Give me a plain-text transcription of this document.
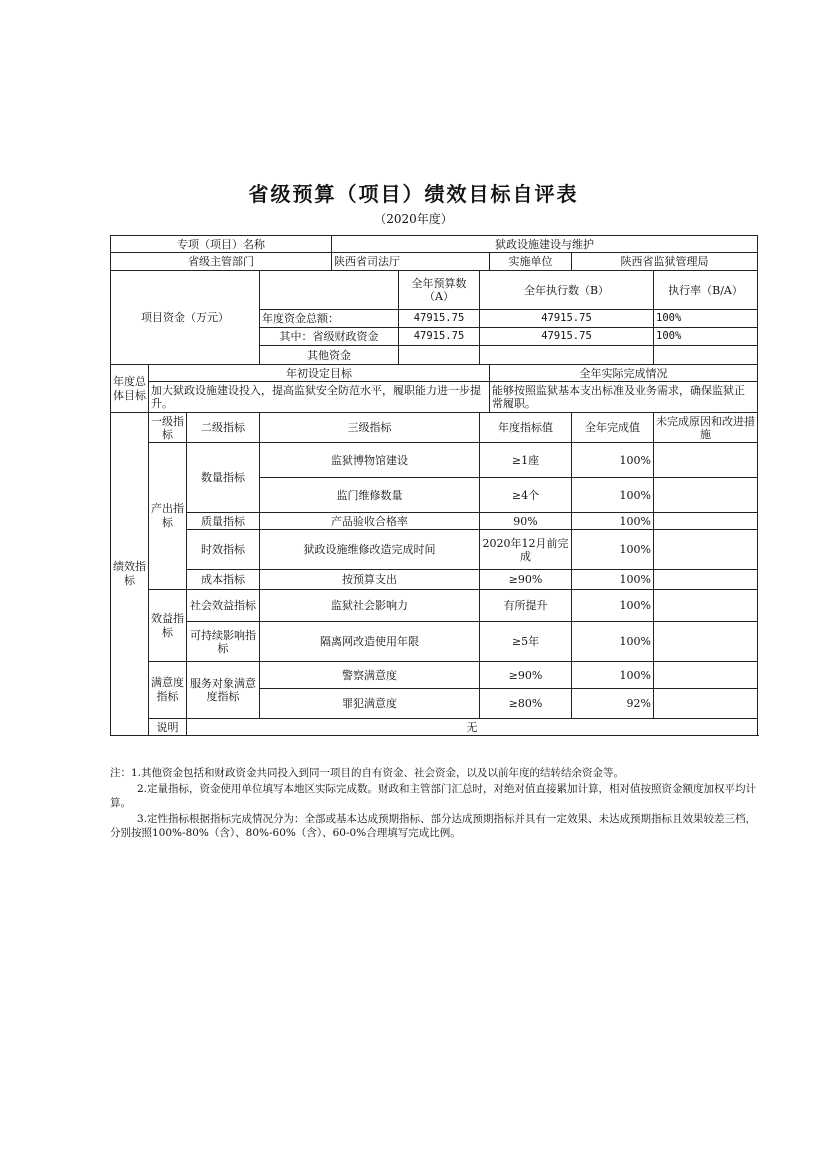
省级预算（项目）绩效目标自评表
（2020年度）
专项（项目）名称				狱政设施建设与维护					
省级主管部门				陕西省司法厅			实施单位	陕西省监狱管理局	
项目资金（万元）					全年预算数（A）	全年执行数（B）			执行率（B/A）
			年度资金总额：		47915.75	47915.75			100%
			其中：省级财政资金		47915.75	47915.75			100%
			其他资金						
年度总体目标	年初设定目标						全年实际完成情况		
	加大狱政设施建设投入，提高监狱安全防范水平，履职能力进一步提升。						能够按照监狱基本支出标准及业务需求，确保监狱正常履职。		
绩效指标	一级指标	二级指标	三级指标			年度指标值		全年完成值	未完成原因和改进措施
	产出指标	数量指标	监狱博物馆建设			≥1座		100%	
			监门维修数量			≥4个		100%	
		质量指标	产品验收合格率			90%		100%	
		时效指标	狱政设施维修改造完成时间			2020年12月前完成		100%	
		成本指标	按预算支出			≥90%		100%	
	效益指标	社会效益指标	监狱社会影响力			有所提升		100%	
		可持续影响指标	隔离网改造使用年限			≥5年		100%	
	满意度指标	服务对象满意度指标	警察满意度			≥90%		100%	
			罪犯满意度			≥80%		92%	
	说明	无							

注：1.其他资金包括和财政资金共同投入到同一项目的自有资金、社会资金，以及以前年度的结转结余资金等。

2.定量指标，资金使用单位填写本地区实际完成数。财政和主管部门汇总时，对绝对值直接累加计算，相对值按照资金额度加权平均计算。

3.定性指标根据指标完成情况分为：全部或基本达成预期指标、部分达成预期指标并具有一定效果、未达成预期指标且效果较差三档，分别按照100%-80%（含）、80%-60%（含）、60-0%合理填写完成比例。
